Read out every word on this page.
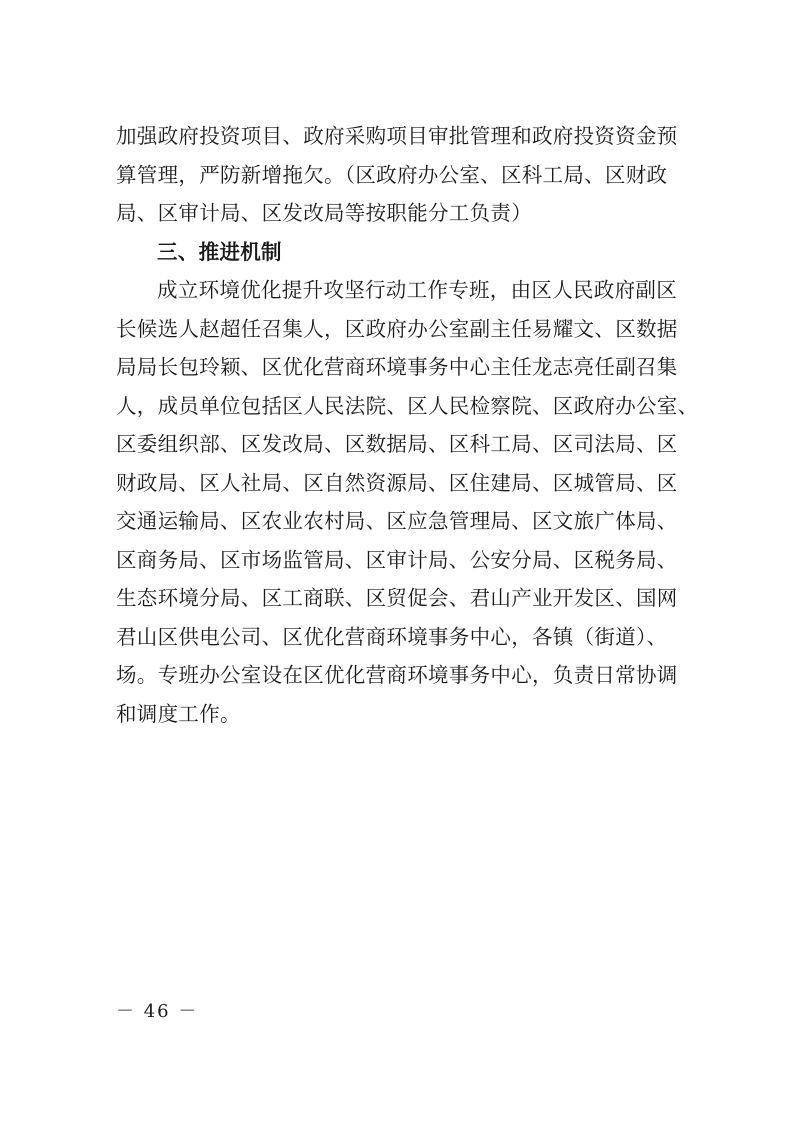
加强政府投资项目、政府采购项目审批管理和政府投资资金预
算管理，严防新增拖欠。（区政府办公室、区科工局、区财政
局、区审计局、区发改局等按职能分工负责）
三、推进机制
成立环境优化提升攻坚行动工作专班，由区人民政府副区
长候选人赵超任召集人，区政府办公室副主任易耀文、区数据
局局长包玲颖、区优化营商环境事务中心主任龙志亮任副召集
人，成员单位包括区人民法院、区人民检察院、区政府办公室、
区委组织部、区发改局、区数据局、区科工局、区司法局、区
财政局、区人社局、区自然资源局、区住建局、区城管局、区
交通运输局、区农业农村局、区应急管理局、区文旅广体局、
区商务局、区市场监管局、区审计局、公安分局、区税务局、
生态环境分局、区工商联、区贸促会、君山产业开发区、国网
君山区供电公司、区优化营商环境事务中心，各镇（街道）、
场。专班办公室设在区优化营商环境事务中心，负责日常协调
和调度工作。
－ 46 －
